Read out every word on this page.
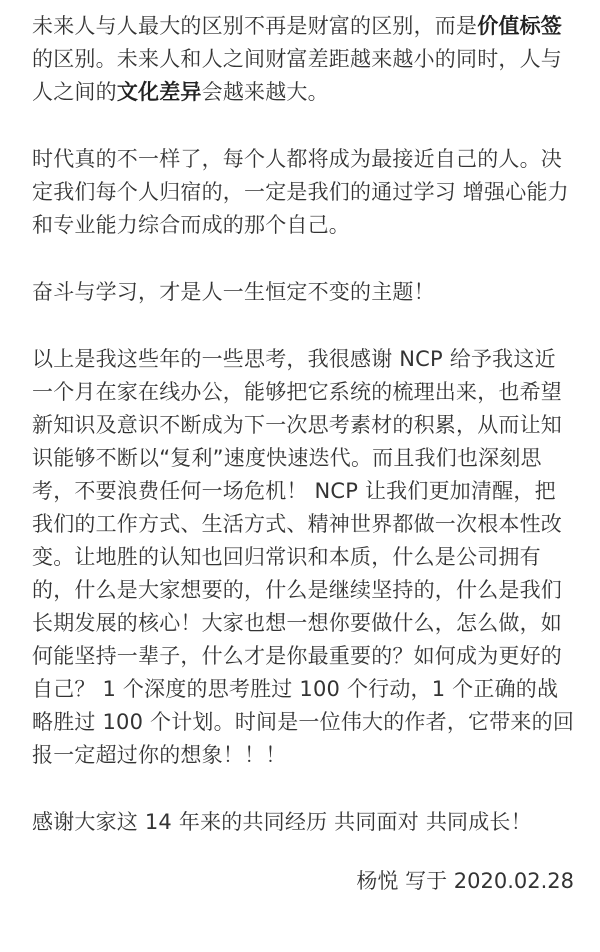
未来人与人最大的区别不再是财富的区别，而是价值标签的区别。未来人和人之间财富差距越来越小的同时，人与人之间的文化差异会越来越大。

时代真的不一样了，每个人都将成为最接近自己的人。决定我们每个人归宿的，一定是我们的通过学习 增强心能力和专业能力综合而成的那个自己。

奋斗与学习，才是人一生恒定不变的主题！

以上是我这些年的一些思考，我很感谢 NCP 给予我这近一个月在家在线办公，能够把它系统的梳理出来，也希望 新知识及意识不断成为下一次思考素材的积累，从而让知识能够不断以“复利”速度快速迭代。而且我们也深刻思考，不要浪费任何一场危机！ NCP 让我们更加清醒，把我们的工作方式、生活方式、精神世界都做一次根本性改变。让地胜的认知也回归常识和本质，什么是公司拥有的，什么是大家想要的，什么是继续坚持的，什么是我们长期发展的核心！大家也想一想你要做什么，怎么做，如何能坚持一辈子，什么才是你最重要的？如何成为更好的自己？ 1 个深度的思考胜过 100 个行动，1 个正确的战略胜过 100 个计划。时间是一位伟大的作者，它带来的回报一定超过你的想象！！！

感谢大家这 14 年来的共同经历 共同面对 共同成长！

杨悦 写于 2020.02.28
